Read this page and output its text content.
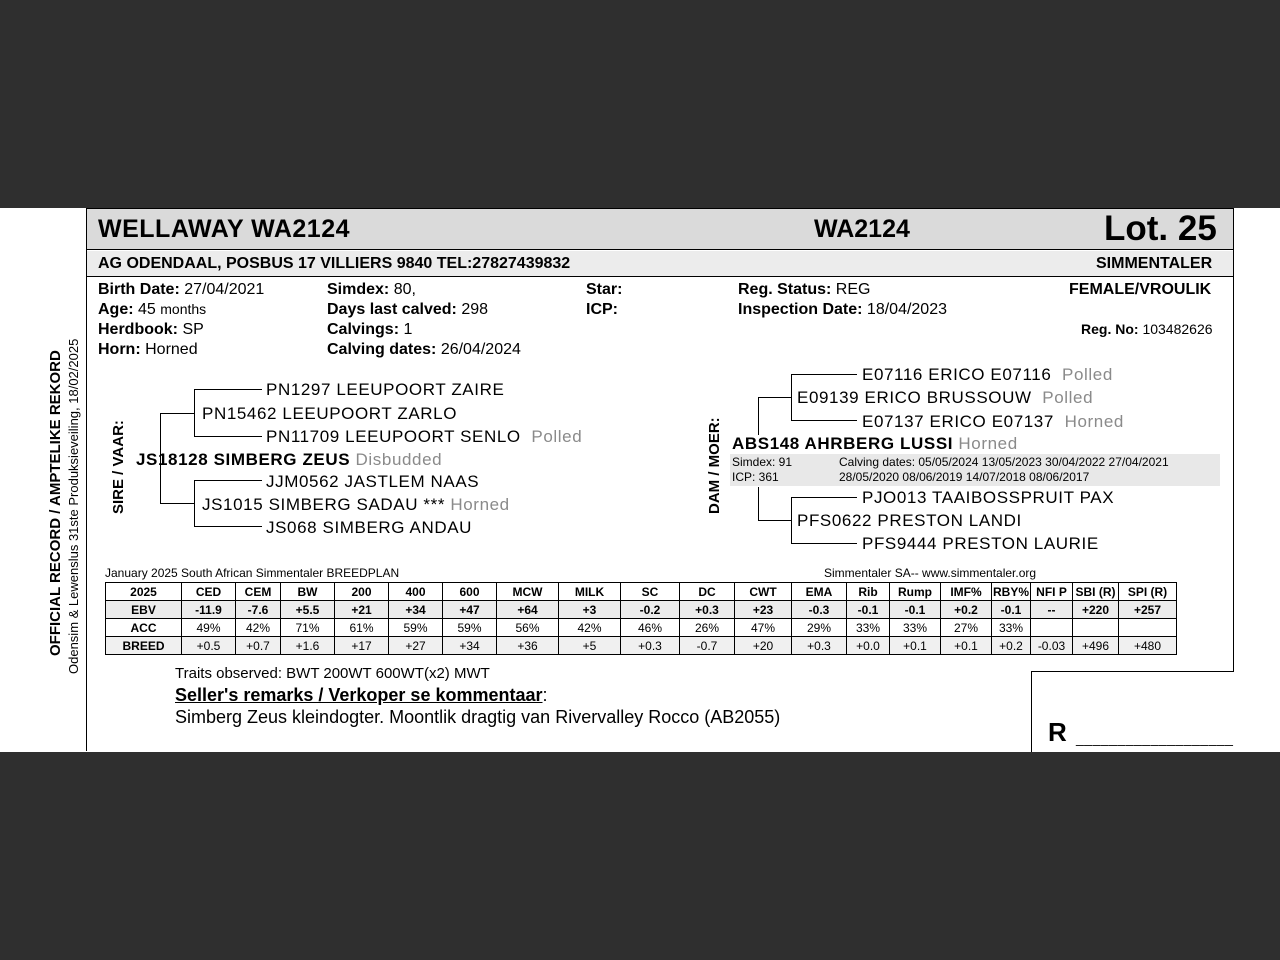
OFFICIAL RECORD / AMPTELIKE REKORD Odensim & Lewenslus 31ste Produksieveiling, 18/02/2025
WELLAWAY WA2124	WA2124	Lot. 25
AG ODENDAAL, POSBUS 17 VILLIERS 9840 TEL:27827439832	SIMMENTALER
Birth Date: 27/04/2021
Age: 45 months
Herdbook: SP
Horn: Horned
Simdex: 80,
Days last calved: 298
Calvings: 1
Calving dates: 26/04/2024
Star:
ICP:
Reg. Status: REG
Inspection Date: 18/04/2023
FEMALE/VROULIK
Reg. No: 103482626
SIRE / VAAR:
PN1297 LEEUPOORT ZAIRE
PN15462 LEEUPOORT ZARLO
PN11709 LEEUPOORT SENLO Polled
JS18128 SIMBERG ZEUS Disbudded
JJM0562 JASTLEM NAAS
JS1015 SIMBERG SADAU *** Horned
JS068 SIMBERG ANDAU
DAM / MOER:
E07116 ERICO E07116 Polled
E09139 ERICO BRUSSOUW Polled
E07137 ERICO E07137 Horned
ABS148 AHRBERG LUSSI Horned
Simdex: 91
ICP: 361
Calving dates: 05/05/2024 13/05/2023 30/04/2022 27/04/2021
28/05/2020 08/06/2019 14/07/2018 08/06/2017
PJO013 TAAIBOSSPRUIT PAX
PFS0622 PRESTON LANDI
PFS9444 PRESTON LAURIE
January 2025 South African Simmentaler BREEDPLAN	Simmentaler SA-- www.simmentaler.org
2025	CED	CEM	BW	200	400	600	MCW	MILK	SC	DC	CWT	EMA	Rib	Rump	IMF%	RBY%	NFI P	SBI (R)	SPI (R)
EBV	-11.9	-7.6	+5.5	+21	+34	+47	+64	+3	-0.2	+0.3	+23	-0.3	-0.1	-0.1	+0.2	-0.1	--	+220	+257
ACC	49%	42%	71%	61%	59%	59%	56%	42%	46%	26%	47%	29%	33%	33%	27%	33%			
BREED	+0.5	+0.7	+1.6	+17	+27	+34	+36	+5	+0.3	-0.7	+20	+0.3	+0.0	+0.1	+0.1	+0.2	-0.03	+496	+480
Traits observed: BWT 200WT 600WT(x2) MWT
Seller's remarks / Verkoper se kommentaar:
Simberg Zeus kleindogter. Moontlik dragtig van Rivervalley Rocco (AB2055)	R ___________________
